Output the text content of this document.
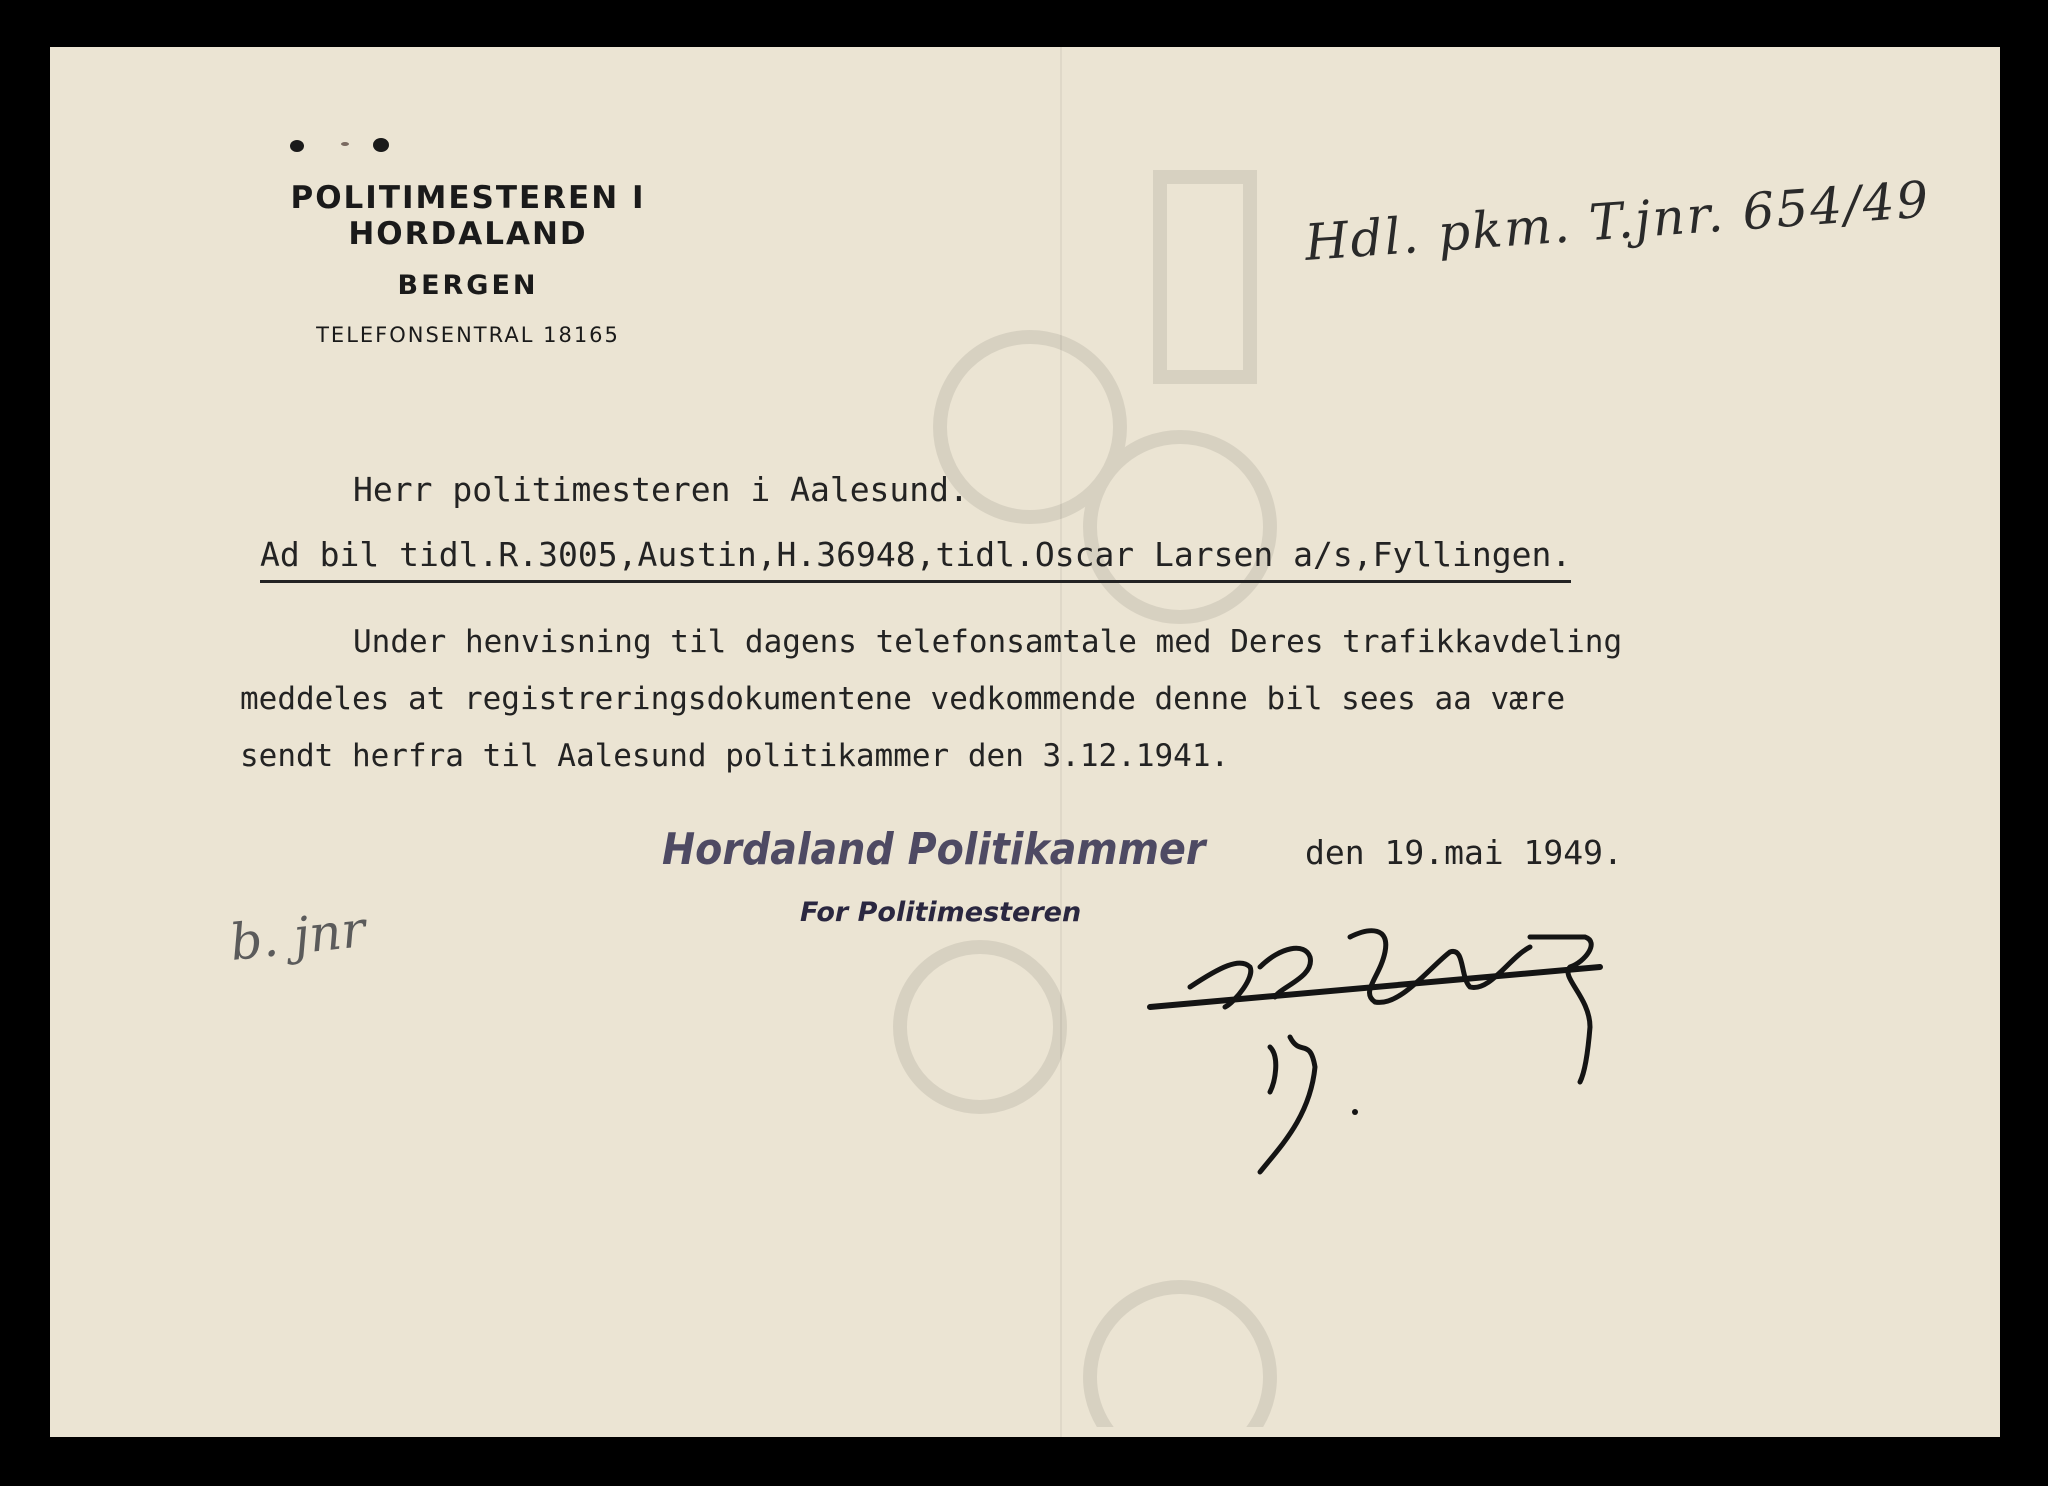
POLITIMESTEREN I HORDALAND
BERGEN
TELEFONSENTRAL 18165
Hdl. pkm. T.jnr. 654/49
Herr politimesteren i Aalesund.
Ad bil tidl.R.3005,Austin,H.36948,tidl.Oscar Larsen a/s,Fyllingen.
Under henvisning til dagens telefonsamtale med Deres trafikkavdeling
meddeles at registreringsdokumentene vedkommende denne bil sees aa være
sendt herfra til Aalesund politikammer den 3.12.1941.
Hordaland Politikammer
For Politimesteren
den 19.mai 1949.
b. jnr
